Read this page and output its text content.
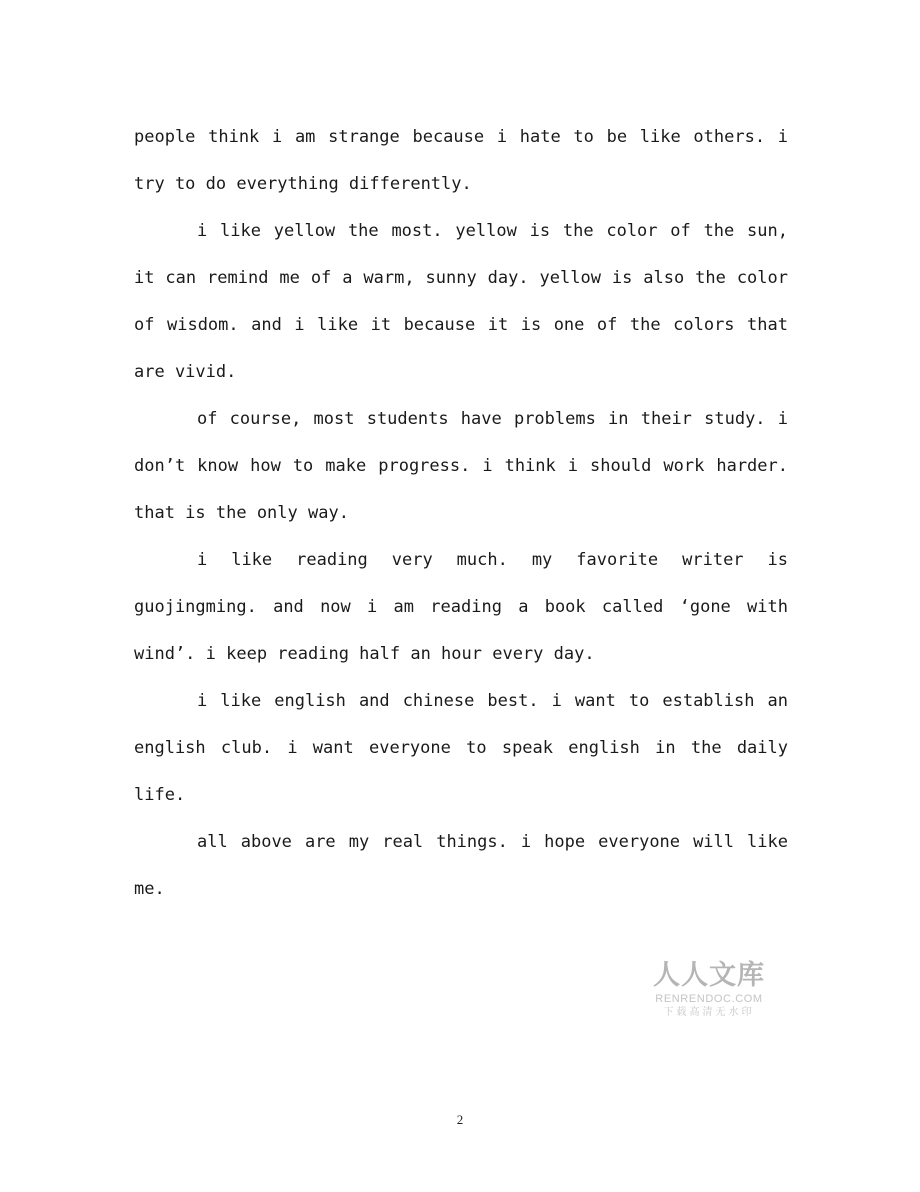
people think i am strange because i hate to be like others. i try to do everything differently.

i like yellow the most. yellow is the color of the sun, it can remind me of a warm, sunny day. yellow is also the color of wisdom. and i like it because it is one of the colors that are vivid.

of course, most students have problems in their study. i don’t know how to make progress. i think i should work harder. that is the only way.

i like reading very much. my favorite writer is guojingming. and now i am reading a book called ‘gone with wind’. i keep reading half an hour every day.

i like english and chinese best. i want to establish an english club. i want everyone to speak english in the daily life.

all above are my real things. i hope everyone will like me.

人人文库
RENRENDOC.COM
下载高清无水印
2
